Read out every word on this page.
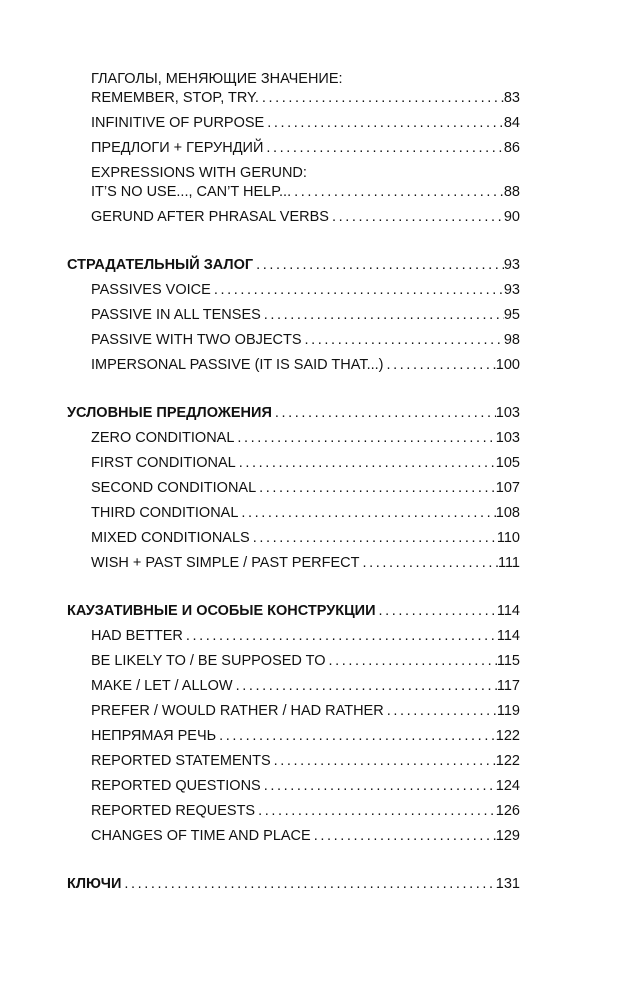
ГЛАГОЛЫ, МЕНЯЮЩИЕ ЗНАЧЕНИЕ:
REMEMBER, STOP, TRY. .....	83
INFINITIVE OF PURPOSE .....	84
ПРЕДЛОГИ + ГЕРУНДИЙ .....	86
EXPRESSIONS WITH GERUND:
IT’S NO USE..., CAN’T HELP... .....	88
GERUND AFTER PHRASAL VERBS .....	90
СТРАДАТЕЛЬНЫЙ ЗАЛОГ .....	93
PASSIVES VOICE .....	93
PASSIVE IN ALL TENSES .....	95
PASSIVE WITH TWO OBJECTS .....	98
IMPERSONAL PASSIVE (IT IS SAID THAT...) .....	100
УСЛОВНЫЕ ПРЕДЛОЖЕНИЯ .....	103
ZERO CONDITIONAL .....	103
FIRST CONDITIONAL .....	105
SECOND CONDITIONAL .....	107
THIRD CONDITIONAL .....	108
MIXED CONDITIONALS .....	110
WISH + PAST SIMPLE / PAST PERFECT .....	111
КАУЗАТИВНЫЕ И ОСОБЫЕ КОНСТРУКЦИИ .....	114
HAD BETTER .....	114
BE LIKELY TO / BE SUPPOSED TO .....	115
MAKE / LET / ALLOW .....	117
PREFER / WOULD RATHER / HAD RATHER .....	119
НЕПРЯМАЯ РЕЧЬ .....	122
REPORTED STATEMENTS .....	122
REPORTED QUESTIONS .....	124
REPORTED REQUESTS .....	126
CHANGES OF TIME AND PLACE .....	129
КЛЮЧИ .....	131
